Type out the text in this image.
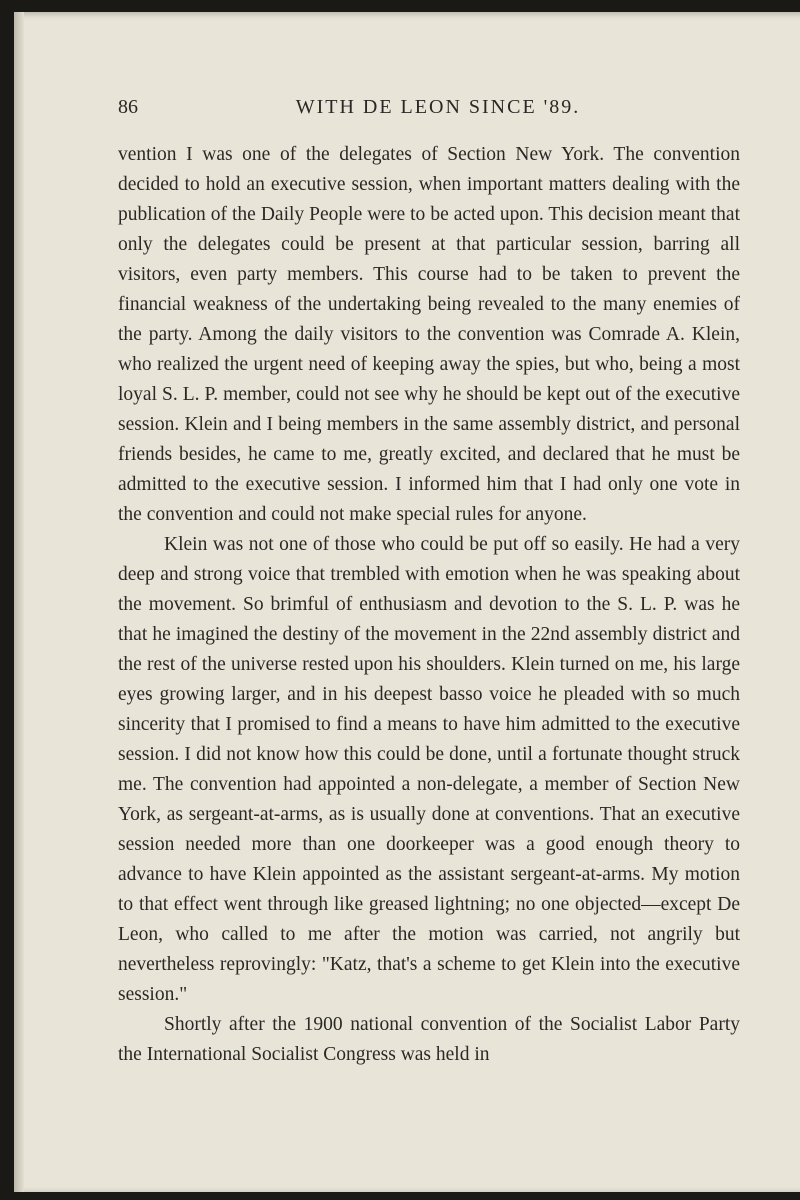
86	WITH DE LEON SINCE '89.

vention I was one of the delegates of Section New York. The convention decided to hold an executive session, when important matters dealing with the publication of the Daily People were to be acted upon. This decision meant that only the delegates could be present at that particular session, barring all visitors, even party members. This course had to be taken to prevent the financial weakness of the undertaking being revealed to the many enemies of the party. Among the daily visitors to the convention was Comrade A. Klein, who realized the urgent need of keeping away the spies, but who, being a most loyal S. L. P. member, could not see why he should be kept out of the executive session. Klein and I being members in the same assembly district, and personal friends besides, he came to me, greatly excited, and declared that he must be admitted to the executive session. I informed him that I had only one vote in the convention and could not make special rules for anyone.

Klein was not one of those who could be put off so easily. He had a very deep and strong voice that trembled with emotion when he was speaking about the movement. So brimful of enthusiasm and devotion to the S. L. P. was he that he imagined the destiny of the movement in the 22nd assembly district and the rest of the universe rested upon his shoulders. Klein turned on me, his large eyes growing larger, and in his deepest basso voice he pleaded with so much sincerity that I promised to find a means to have him admitted to the executive session. I did not know how this could be done, until a fortunate thought struck me. The convention had appointed a non-delegate, a member of Section New York, as sergeant-at-arms, as is usually done at conventions. That an executive session needed more than one doorkeeper was a good enough theory to advance to have Klein appointed as the assistant sergeant-at-arms. My motion to that effect went through like greased lightning; no one objected—except De Leon, who called to me after the motion was carried, not angrily but nevertheless reprovingly: "Katz, that's a scheme to get Klein into the executive session."

Shortly after the 1900 national convention of the Socialist Labor Party the International Socialist Congress was held in
